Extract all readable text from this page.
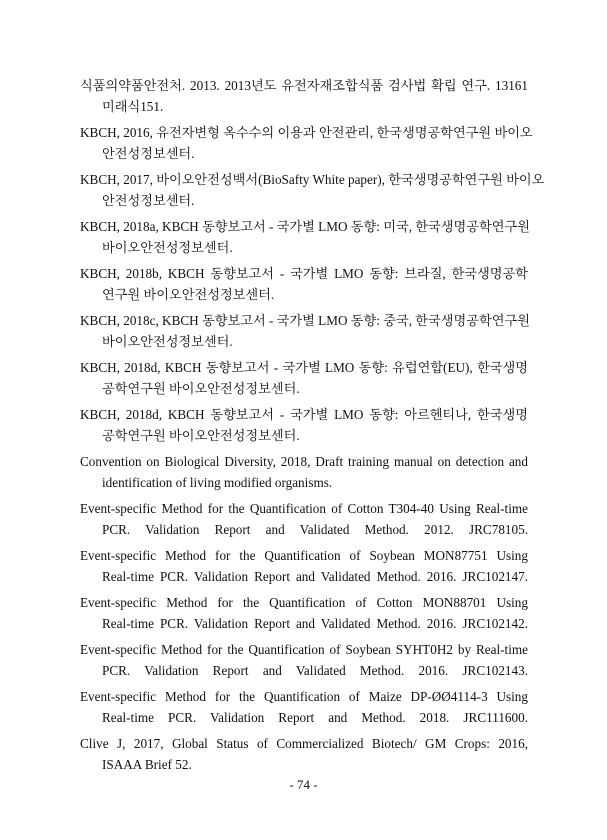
식품의약품안전처. 2013. 2013년도 유전자재조합식품 검사법 확립 연구. 13161
미래식151.
KBCH, 2016, 유전자변형 옥수수의 이용과 안전관리, 한국생명공학연구원 바이오
안전성정보센터.
KBCH, 2017, 바이오안전성백서(BioSafty White paper), 한국생명공학연구원 바이오
안전성정보센터.
KBCH, 2018a, KBCH 동향보고서 - 국가별 LMO 동향: 미국, 한국생명공학연구원
바이오안전성정보센터.
KBCH, 2018b, KBCH 동향보고서 - 국가별 LMO 동향: 브라질, 한국생명공학
연구원 바이오안전성정보센터.
KBCH, 2018c, KBCH 동향보고서 - 국가별 LMO 동향: 중국, 한국생명공학연구원
바이오안전성정보센터.
KBCH, 2018d, KBCH 동향보고서 - 국가별 LMO 동향: 유럽연합(EU), 한국생명
공학연구원 바이오안전성정보센터.
KBCH, 2018d, KBCH 동향보고서 - 국가별 LMO 동향: 아르헨티나, 한국생명
공학연구원 바이오안전성정보센터.
Convention on Biological Diversity, 2018, Draft training manual on detection and
identification of living modified organisms.
Event-specific Method for the Quantification of Cotton T304-40 Using Real-time
PCR. Validation Report and Validated Method. 2012. JRC78105.
Event-specific Method for the Quantification of Soybean MON87751 Using
Real-time PCR. Validation Report and Validated Method. 2016. JRC102147.
Event-specific Method for the Quantification of Cotton MON88701 Using
Real-time PCR. Validation Report and Validated Method. 2016. JRC102142.
Event-specific Method for the Quantification of Soybean SYHT0H2 by Real-time
PCR. Validation Report and Validated Method. 2016. JRC102143.
Event-specific Method for the Quantification of Maize DP-ØØ4114-3 Using
Real-time PCR. Validation Report and Method. 2018. JRC111600.
Clive J, 2017, Global Status of Commercialized Biotech/ GM Crops: 2016,
ISAAA Brief 52.
- 74 -
